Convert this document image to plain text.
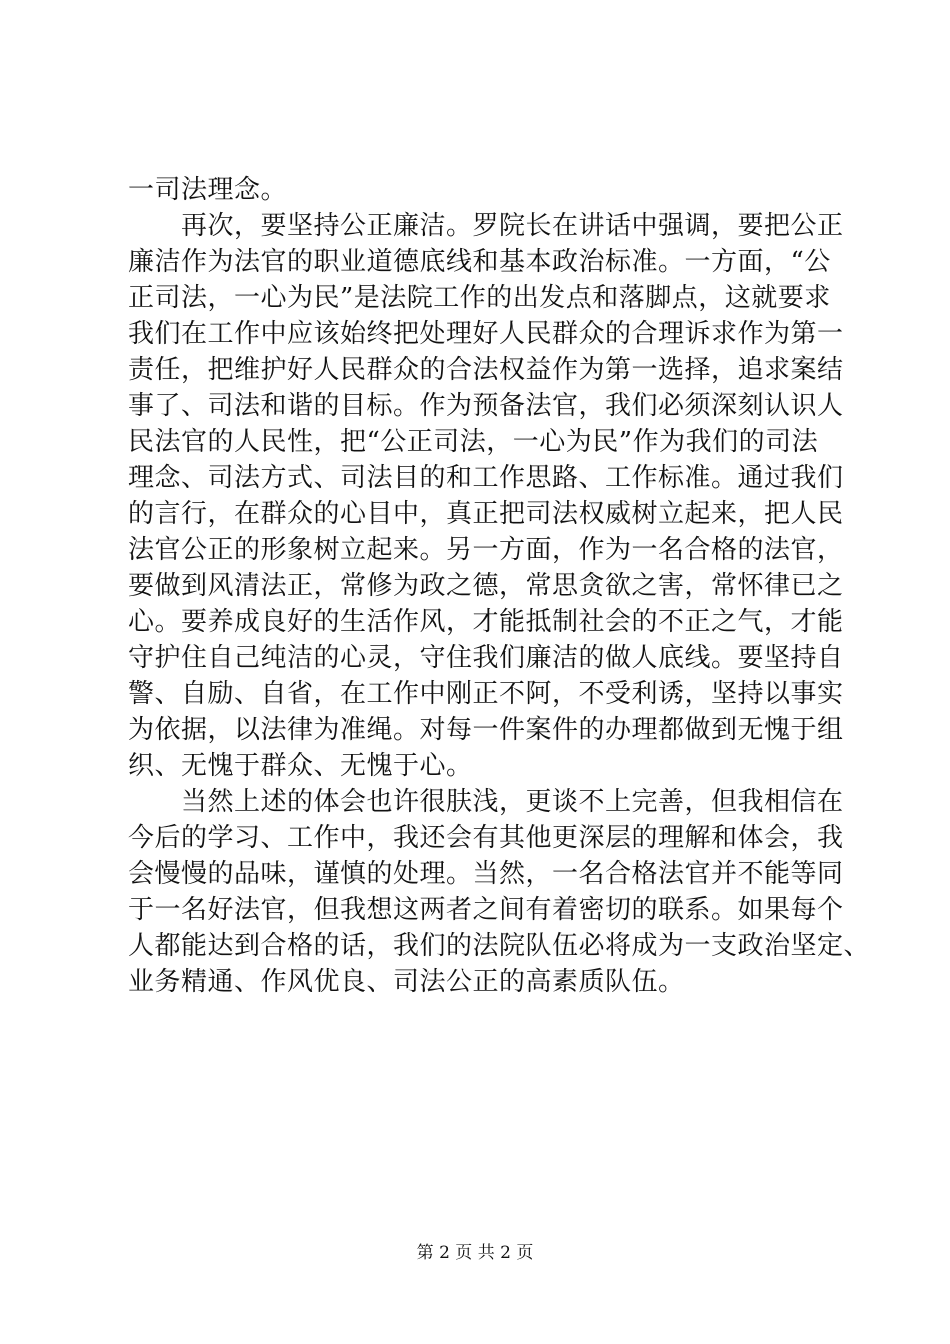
一司法理念。
　　再次，要坚持公正廉洁。罗院长在讲话中强调，要把公正
廉洁作为法官的职业道德底线和基本政治标准。一方面，“公
正司法，一心为民”是法院工作的出发点和落脚点，这就要求
我们在工作中应该始终把处理好人民群众的合理诉求作为第一
责任，把维护好人民群众的合法权益作为第一选择，追求案结
事了、司法和谐的目标。作为预备法官，我们必须深刻认识人
民法官的人民性，把“公正司法，一心为民”作为我们的司法
理念、司法方式、司法目的和工作思路、工作标准。通过我们
的言行，在群众的心目中，真正把司法权威树立起来，把人民
法官公正的形象树立起来。另一方面，作为一名合格的法官，
要做到风清法正，常修为政之德，常思贪欲之害，常怀律已之
心。要养成良好的生活作风，才能抵制社会的不正之气，才能
守护住自己纯洁的心灵，守住我们廉洁的做人底线。要坚持自
警、自励、自省，在工作中刚正不阿，不受利诱，坚持以事实
为依据，以法律为准绳。对每一件案件的办理都做到无愧于组
织、无愧于群众、无愧于心。
　　当然上述的体会也许很肤浅，更谈不上完善，但我相信在
今后的学习、工作中，我还会有其他更深层的理解和体会，我
会慢慢的品味，谨慎的处理。当然，一名合格法官并不能等同
于一名好法官，但我想这两者之间有着密切的联系。如果每个
人都能达到合格的话，我们的法院队伍必将成为一支政治坚定、
业务精通、作风优良、司法公正的高素质队伍。
第 2 页 共 2 页
